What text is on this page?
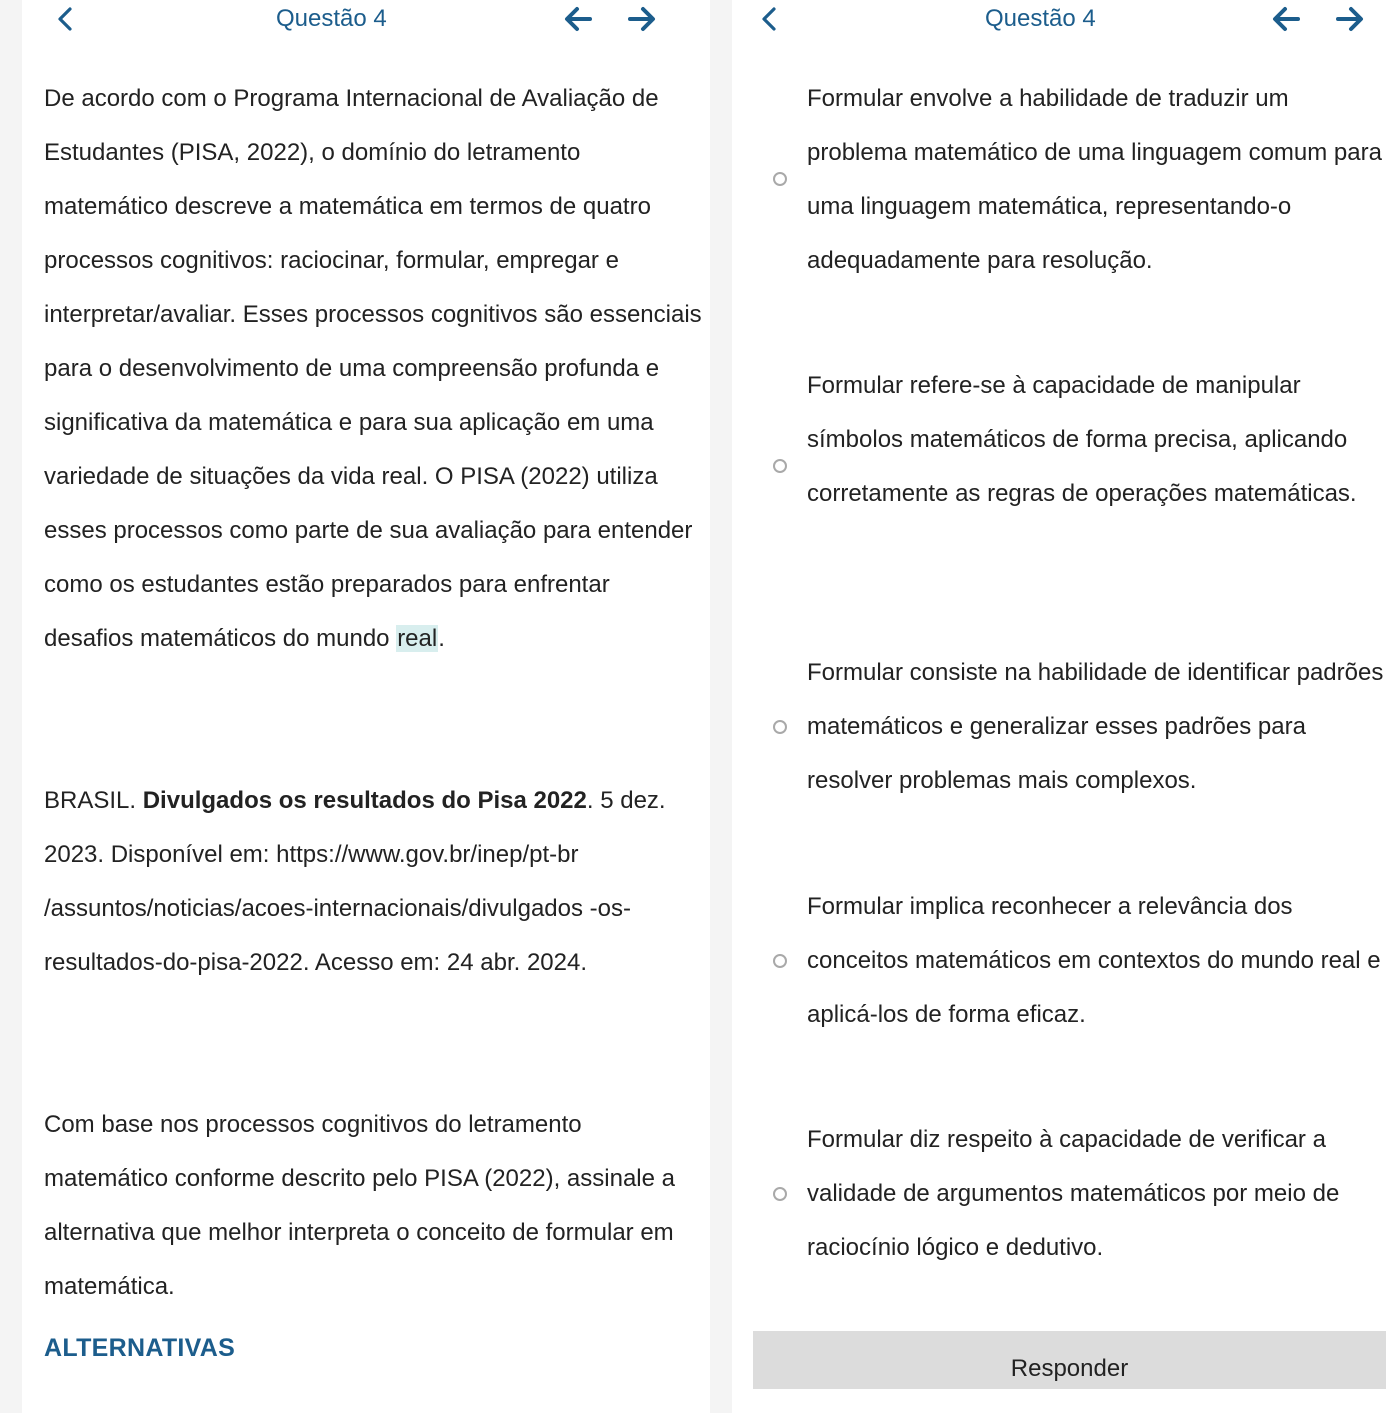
Questão 4

De acordo com o Programa Internacional de Avaliação de Estudantes (PISA, 2022), o domínio do letramento matemático descreve a matemática em termos de quatro processos cognitivos: raciocinar, formular, empregar e interpretar/avaliar. Esses processos cognitivos são essenciais para o desenvolvimento de uma compreensão profunda e significativa da matemática e para sua aplicação em uma variedade de situações da vida real. O PISA (2022) utiliza esses processos como parte de sua avaliação para entender como os estudantes estão preparados para enfrentar desafios matemáticos do mundo real.

BRASIL. Divulgados os resultados do Pisa 2022. 5 dez. 2023. Disponível em: https://www.gov.br/inep/pt-br /assuntos/noticias/acoes-internacionais/divulgados -os-resultados-do-pisa-2022. Acesso em: 24 abr. 2024.

Com base nos processos cognitivos do letramento matemático conforme descrito pelo PISA (2022), assinale a alternativa que melhor interpreta o conceito de formular em matemática.

ALTERNATIVAS
Questão 4

Formular envolve a habilidade de traduzir um problema matemático de uma linguagem comum para uma linguagem matemática, representando-o adequadamente para resolução.

Formular refere-se à capacidade de manipular símbolos matemáticos de forma precisa, aplicando corretamente as regras de operações matemáticas.

Formular consiste na habilidade de identificar padrões matemáticos e generalizar esses padrões para resolver problemas mais complexos.

Formular implica reconhecer a relevância dos conceitos matemáticos em contextos do mundo real e aplicá-los de forma eficaz.

Formular diz respeito à capacidade de verificar a validade de argumentos matemáticos por meio de raciocínio lógico e dedutivo.

Responder
